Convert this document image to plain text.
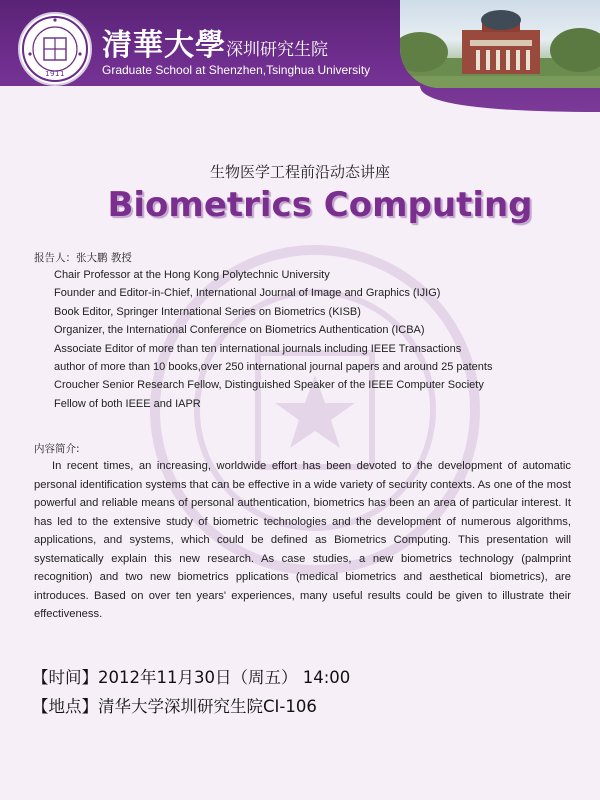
1911
清華大學 深圳研究生院
Graduate School at Shenzhen,Tsinghua University
生物医学工程前沿动态讲座
Biometrics Computing
报告人：张大鹏 教授
Chair Professor at the Hong Kong Polytechnic University
Founder and Editor-in-Chief, International Journal of Image and Graphics (IJIG)
Book Editor, Springer International Series on Biometrics (KISB)
Organizer, the International Conference on Biometrics Authentication (ICBA)
Associate Editor of more than ten international journals including IEEE Transactions
author of more than 10 books,over 250 international journal papers and around 25 patents
Croucher Senior Research Fellow, Distinguished Speaker of the IEEE Computer Society
Fellow of both IEEE and IAPR
内容简介:

In recent times, an increasing, worldwide effort has been devoted to the development of automatic personal identification systems that can be effective in a wide variety of security contexts. As one of the most powerful and reliable means of personal authentication, biometrics has been an area of particular interest. It has led to the extensive study of biometric technologies and the development of numerous algorithms, applications, and systems, which could be defined as Biometrics Computing. This presentation will systematically explain this new research. As case studies, a new biometrics technology (palmprint recognition) and two new biometrics pplications (medical biometrics and aesthetical biometrics), are introduces. Based on over ten years' experiences, many useful results could be given to illustrate their effectiveness.

【时间】2012年11月30日（周五） 14:00
【地点】清华大学深圳研究生院CI-106
